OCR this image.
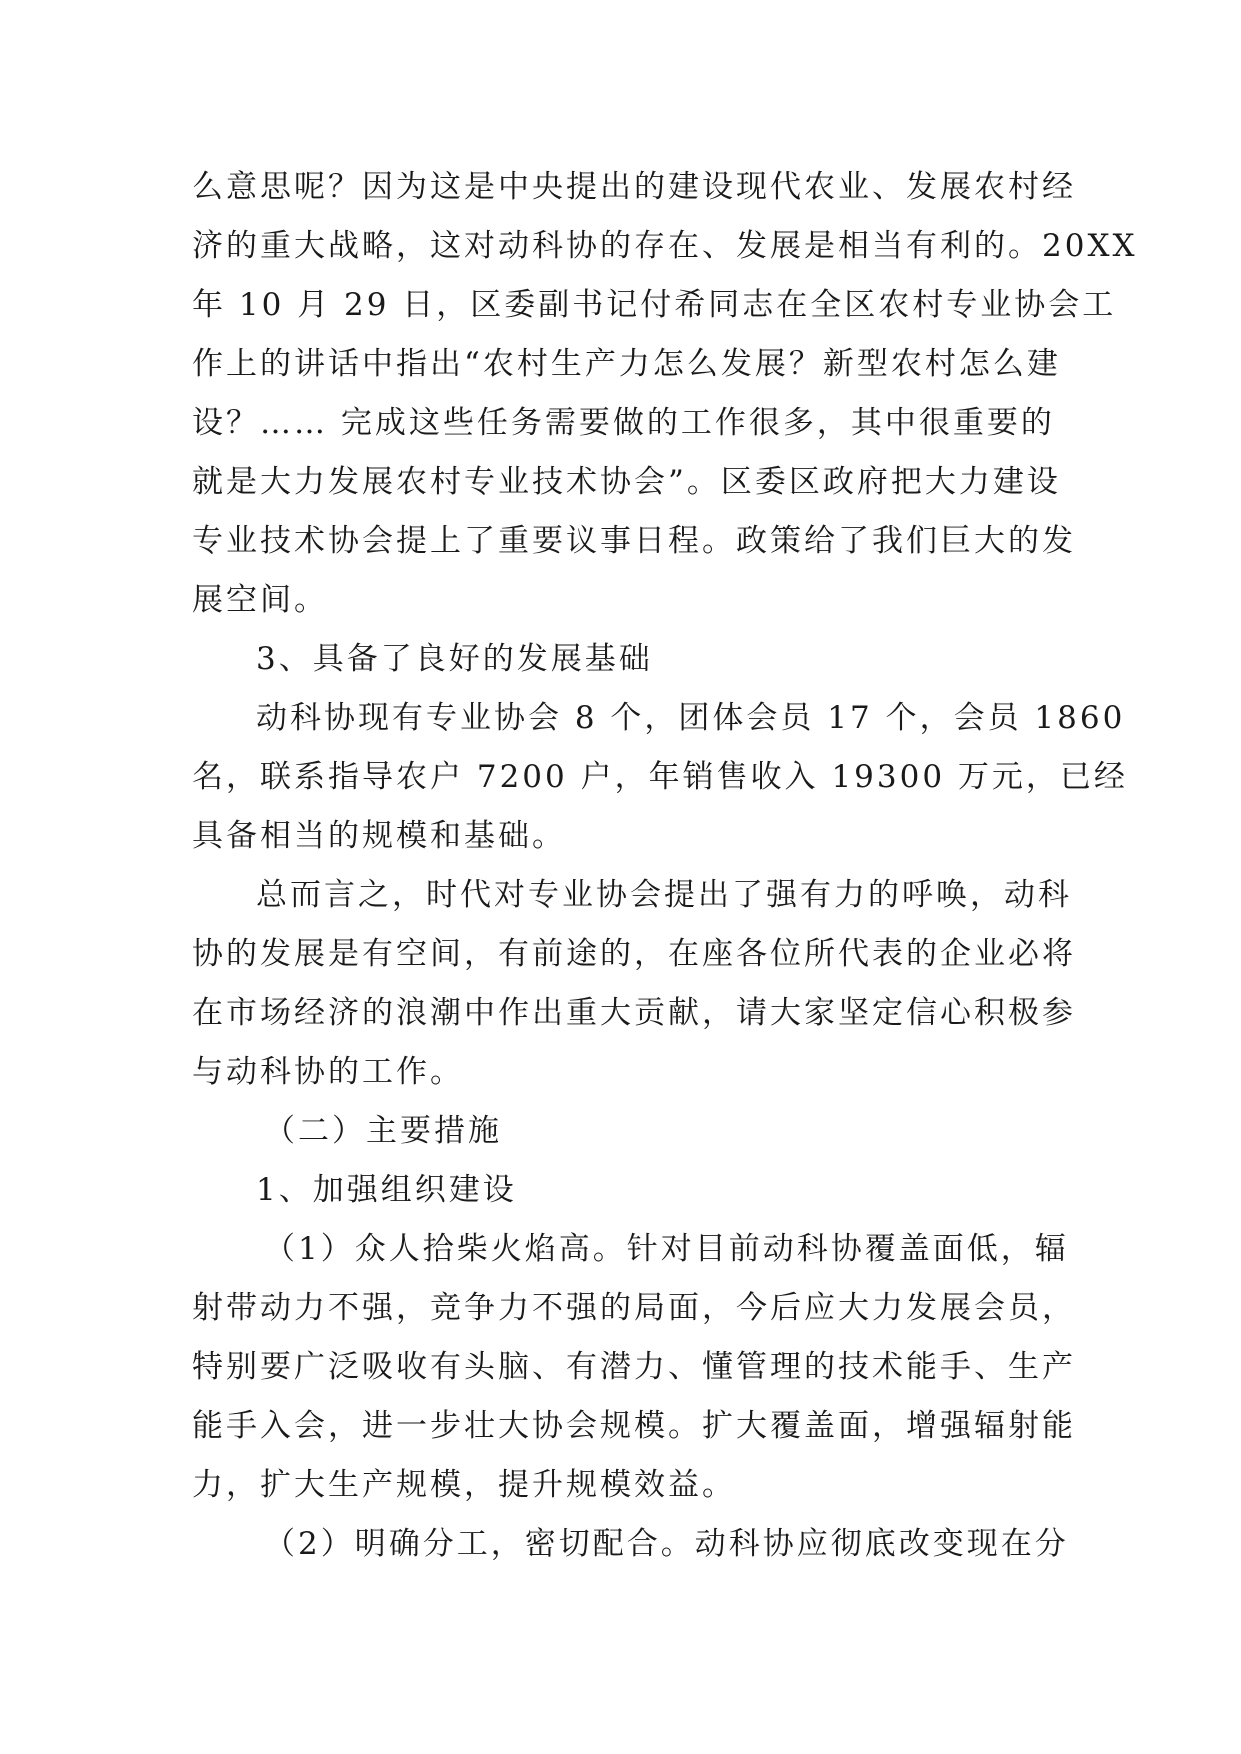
么意思呢？因为这是中央提出的建设现代农业、发展农村经
济的重大战略，这对动科协的存在、发展是相当有利的。20XX
年 10 月 29 日，区委副书记付希同志在全区农村专业协会工
作上的讲话中指出“农村生产力怎么发展？新型农村怎么建
设？…… 完成这些任务需要做的工作很多，其中很重要的
就是大力发展农村专业技术协会”。区委区政府把大力建设
专业技术协会提上了重要议事日程。政策给了我们巨大的发
展空间。
3、具备了良好的发展基础
动科协现有专业协会 8 个，团体会员 17 个，会员 1860
名，联系指导农户 7200 户，年销售收入 19300 万元，已经
具备相当的规模和基础。
总而言之，时代对专业协会提出了强有力的呼唤，动科
协的发展是有空间，有前途的，在座各位所代表的企业必将
在市场经济的浪潮中作出重大贡献，请大家坚定信心积极参
与动科协的工作。
（二）主要措施
1、加强组织建设
（1）众人拾柴火焰高。针对目前动科协覆盖面低，辐
射带动力不强，竞争力不强的局面，今后应大力发展会员，
特别要广泛吸收有头脑、有潜力、懂管理的技术能手、生产
能手入会，进一步壮大协会规模。扩大覆盖面，增强辐射能
力，扩大生产规模，提升规模效益。
（2）明确分工，密切配合。动科协应彻底改变现在分
